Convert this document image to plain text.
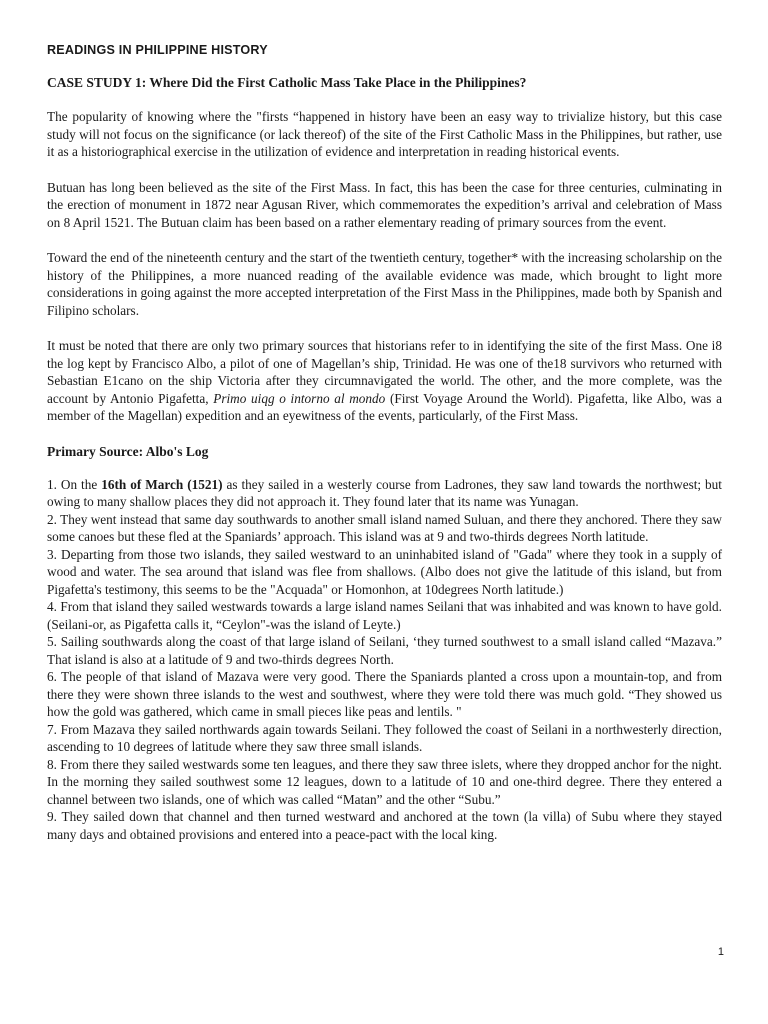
READINGS IN PHILIPPINE HISTORY
CASE STUDY 1: Where Did the First Catholic Mass Take Place in the Philippines?

The popularity of knowing where the "firsts “happened in history have been an easy way to trivialize history, but this case study will not focus on the significance (or lack thereof) of the site of the First Catholic Mass in the Philippines, but rather, use it as a historiographical exercise in the utilization of evidence and interpretation in reading historical events.

Butuan has long been believed as the site of the First Mass. In fact, this has been the case for three centuries, culminating in the erection of monument in 1872 near Agusan River, which commemorates the expedition’s arrival and celebration of Mass on 8 April 1521. The Butuan claim has been based on a rather elementary reading of primary sources from the event.

Toward the end of the nineteenth century and the start of the twentieth century, together* with the increasing scholarship on the history of the Philippines, a more nuanced reading of the available evidence was made, which brought to light more considerations in going against the more accepted interpretation of the First Mass in the Philippines, made both by Spanish and Filipino scholars.

It must be noted that there are only two primary sources that historians refer to in identifying the site of the first Mass. One i8 the log kept by Francisco Albo, a pilot of one of Magellan’s ship, Trinidad. He was one of the18 survivors who returned with Sebastian E1cano on the ship Victoria after they circumnavigated the world. The other, and the more complete, was the account by Antonio Pigafetta, Primo uiqg o intorno al mondo (First Voyage Around the World). Pigafetta, like Albo, was a member of the Magellan) expedition and an eyewitness of the events, particularly, of the First Mass.

Primary Source: Albo's Log

1. On the 16th of March (1521) as they sailed in a westerly course from Ladrones, they saw land towards the northwest; but owing to many shallow places they did not approach it. They found later that its name was Yunagan.

2. They went instead that same day southwards to another small island named Suluan, and there they anchored. There they saw some canoes but these fled at the Spaniards’ approach. This island was at 9 and two-thirds degrees North latitude.

3. Departing from those two islands, they sailed westward to an uninhabited island of "Gada" where they took in a supply of wood and water. The sea around that island was flee from shallows. (Albo does not give the latitude of this island, but from Pigafetta's testimony, this seems to be the "Acquada" or Homonhon, at 10degrees North latitude.)

4. From that island they sailed westwards towards a large island names Seilani that was inhabited and was known to have gold. (Seilani-or, as Pigafetta calls it, “Ceylon"-was the island of Leyte.)

5. Sailing southwards along the coast of that large island of Seilani, ‘they turned southwest to a small island called “Mazava.” That island is also at a latitude of 9 and two-thirds degrees North.

6. The people of that island of Mazava were very good. There the Spaniards planted a cross upon a mountain-top, and from there they were shown three islands to the west and southwest, where they were told there was much gold. “They showed us how the gold was gathered, which came in small pieces like peas and lentils. "

7. From Mazava they sailed northwards again towards Seilani. They followed the coast of Seilani in a northwesterly direction, ascending to 10 degrees of latitude where they saw three small islands.

8. From there they sailed westwards some ten leagues, and there they saw three islets, where they dropped anchor for the night. In the morning they sailed southwest some 12 leagues, down to a latitude of 10 and one-third degree. There they entered a channel between two islands, one of which was called “Matan” and the other “Subu.”

9. They sailed down that channel and then turned westward and anchored at the town (la villa) of Subu where they stayed many days and obtained provisions and entered into a peace-pact with the local king.

1
